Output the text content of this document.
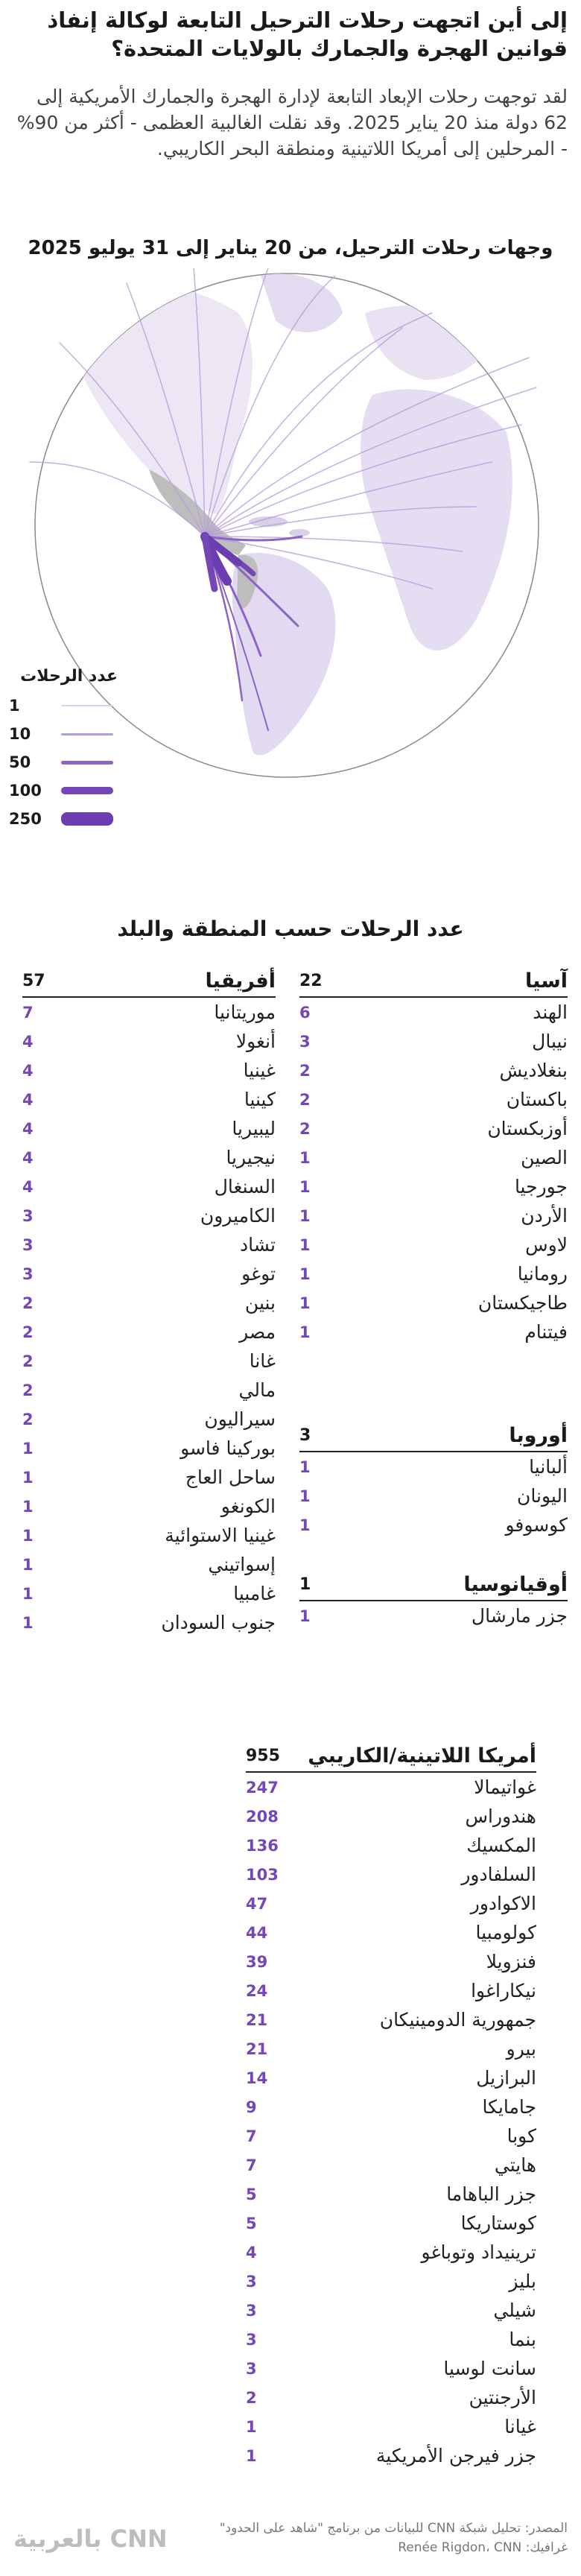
إلى أين اتجهت رحلات الترحيل التابعة لوكالة إنفاذ قوانين الهجرة والجمارك بالولايات المتحدة؟

لقد توجهت رحلات الإبعاد التابعة لإدارة الهجرة والجمارك الأمريكية إلى 62 دولة منذ 20 يناير 2025. وقد نقلت الغالبية العظمى - أكثر من 90% - المرحلين إلى أمريكا اللاتينية ومنطقة البحر الكاريبي.

وجهات رحلات الترحيل، من 20 يناير إلى 31 يوليو 2025
عدد الرحلات
1
10
50
100
250
عدد الرحلات حسب المنطقة والبلد
آسيا
22
الهند
6
نيبال
3
بنغلاديش
2
باكستان
2
أوزبكستان
2
الصين
1
جورجيا
1
الأردن
1
لاوس
1
رومانيا
1
طاجيكستان
1
فيتنام
1
أوروبا
3
ألبانيا
1
اليونان
1
كوسوفو
1
أوقيانوسيا
1
جزر مارشال
1
أفريقيا
57
موريتانيا
7
أنغولا
4
غينيا
4
كينيا
4
ليبيريا
4
نيجيريا
4
السنغال
4
الكاميرون
3
تشاد
3
توغو
3
بنين
2
مصر
2
غانا
2
مالي
2
سيراليون
2
بوركينا فاسو
1
ساحل العاج
1
الكونغو
1
غينيا الاستوائية
1
إسواتيني
1
غامبيا
1
جنوب السودان
1
أمريكا اللاتينية/الكاريبي
955
غواتيمالا
247
هندوراس
208
المكسيك
136
السلفادور
103
الاكوادور
47
كولومبيا
44
فنزويلا
39
نيكاراغوا
24
جمهورية الدومينيكان
21
بيرو
21
البرازيل
14
جامايكا
9
كوبا
7
هايتي
7
جزر الباهاما
5
كوستاريكا
5
ترينيداد وتوباغو
4
بليز
3
شيلي
3
بنما
3
سانت لوسيا
3
الأرجنتين
2
غيانا
1
جزر فيرجن الأمريكية
1
المصدر: تحليل شبكة CNN للبيانات من برنامج "شاهد على الحدود"
غرافيك: Renée Rigdon، CNN
CNN بالعربية
